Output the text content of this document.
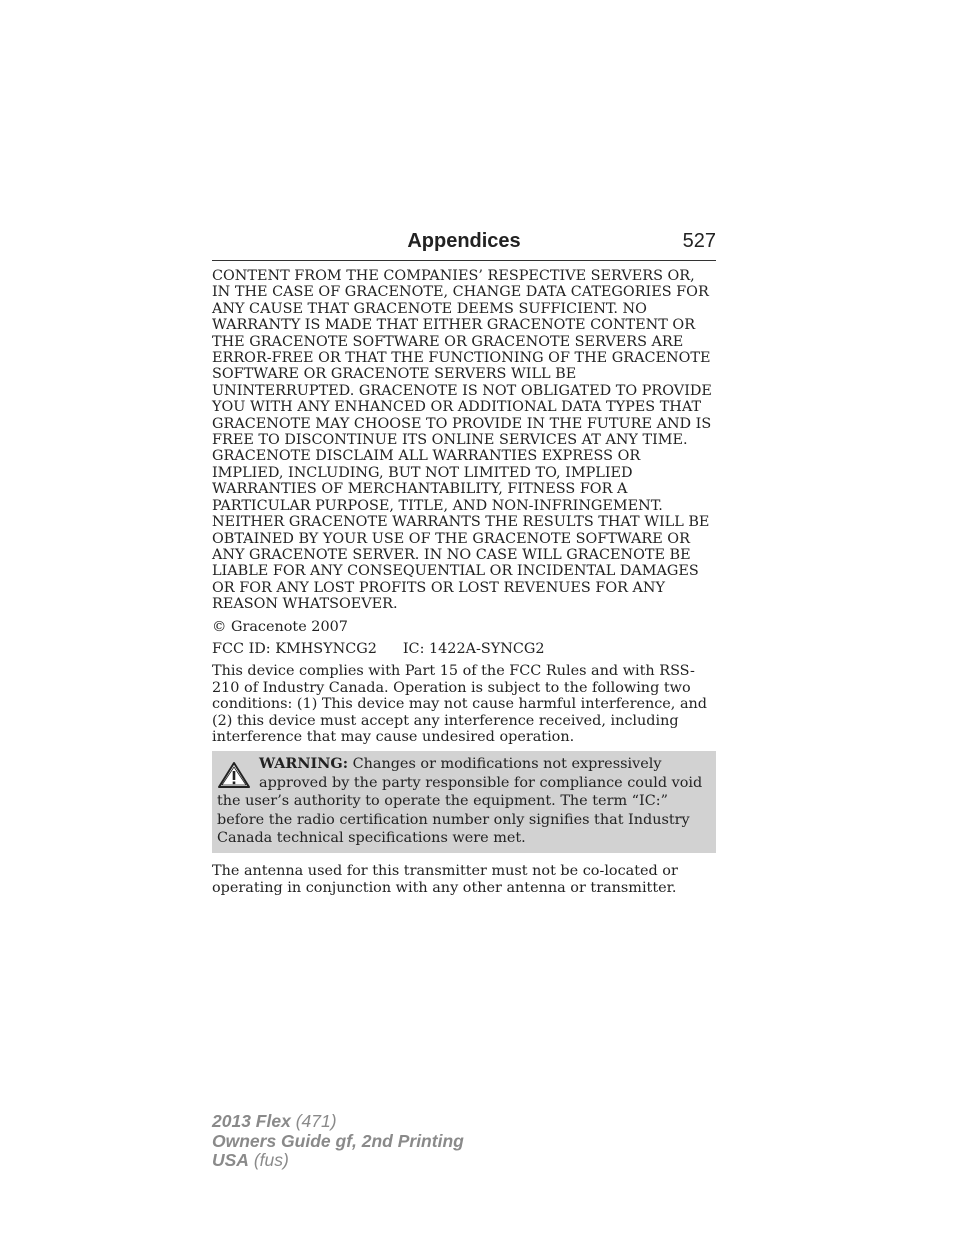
Appendices	527

CONTENT FROM THE COMPANIES’ RESPECTIVE SERVERS OR, IN THE CASE OF GRACENOTE, CHANGE DATA CATEGORIES FOR ANY CAUSE THAT GRACENOTE DEEMS SUFFICIENT. NO WARRANTY IS MADE THAT EITHER GRACENOTE CONTENT OR THE GRACENOTE SOFTWARE OR GRACENOTE SERVERS ARE ERROR-FREE OR THAT THE FUNCTIONING OF THE GRACENOTE SOFTWARE OR GRACENOTE SERVERS WILL BE UNINTERRUPTED. GRACENOTE IS NOT OBLIGATED TO PROVIDE YOU WITH ANY ENHANCED OR ADDITIONAL DATA TYPES THAT GRACENOTE MAY CHOOSE TO PROVIDE IN THE FUTURE AND IS FREE TO DISCONTINUE ITS ONLINE SERVICES AT ANY TIME. GRACENOTE DISCLAIM ALL WARRANTIES EXPRESS OR IMPLIED, INCLUDING, BUT NOT LIMITED TO, IMPLIED WARRANTIES OF MERCHANTABILITY, FITNESS FOR A PARTICULAR PURPOSE, TITLE, AND NON-INFRINGEMENT. NEITHER GRACENOTE WARRANTS THE RESULTS THAT WILL BE OBTAINED BY YOUR USE OF THE GRACENOTE SOFTWARE OR ANY GRACENOTE SERVER. IN NO CASE WILL GRACENOTE BE LIABLE FOR ANY CONSEQUENTIAL OR INCIDENTAL DAMAGES OR FOR ANY LOST PROFITS OR LOST REVENUES FOR ANY REASON WHATSOEVER.

© Gracenote 2007

FCC ID: KMHSYNCG2 IC: 1422A-SYNCG2

This device complies with Part 15 of the FCC Rules and with RSS-210 of Industry Canada. Operation is subject to the following two conditions: (1) This device may not cause harmful interference, and (2) this device must accept any interference received, including interference that may cause undesired operation.

WARNING: Changes or modifications not expressively approved by the party responsible for compliance could void the user’s authority to operate the equipment. The term “IC:” before the radio certification number only signifies that Industry Canada technical specifications were met.

The antenna used for this transmitter must not be co-located or operating in conjunction with any other antenna or transmitter.

2013 Flex (471)
Owners Guide gf, 2nd Printing
USA (fus)
